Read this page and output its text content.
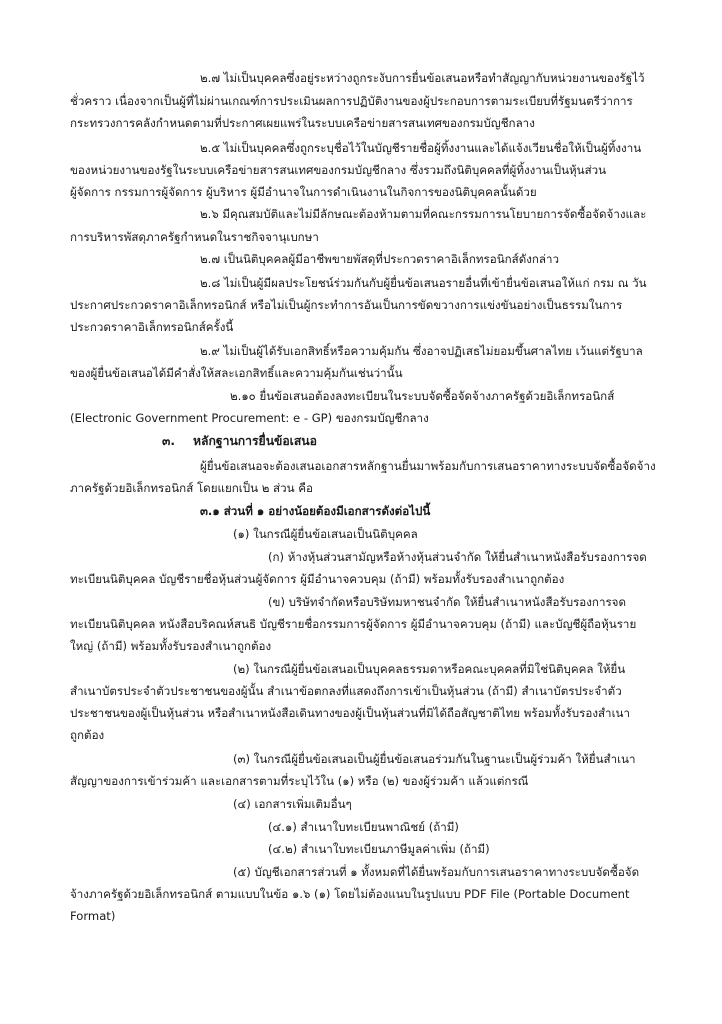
๒.๗ ไม่เป็นบุคคลซึ่งอยู่ระหว่างถูกระงับการยื่นข้อเสนอหรือทำสัญญากับหน่วยงานของรัฐไว้
ชั่วคราว เนื่องจากเป็นผู้ที่ไม่ผ่านเกณฑ์การประเมินผลการปฏิบัติงานของผู้ประกอบการตามระเบียบที่รัฐมนตรีว่าการ
กระทรวงการคลังกำหนดตามที่ประกาศเผยแพร่ในระบบเครือข่ายสารสนเทศของกรมบัญชีกลาง
๒.๕ ไม่เป็นบุคคลซึ่งถูกระบุชื่อไว้ในบัญชีรายชื่อผู้ทิ้งงานและได้แจ้งเวียนชื่อให้เป็นผู้ทิ้งงาน
ของหน่วยงานของรัฐในระบบเครือข่ายสารสนเทศของกรมบัญชีกลาง ซึ่งรวมถึงนิติบุคคลที่ผู้ทิ้งงานเป็นหุ้นส่วน
ผู้จัดการ กรรมการผู้จัดการ ผู้บริหาร ผู้มีอำนาจในการดำเนินงานในกิจการของนิติบุคคลนั้นด้วย
๒.๖ มีคุณสมบัติและไม่มีลักษณะต้องห้ามตามที่คณะกรรมการนโยบายการจัดซื้อจัดจ้างและ
การบริหารพัสดุภาครัฐกำหนดในราชกิจจานุเบกษา
๒.๗ เป็นนิติบุคคลผู้มีอาชีพขายพัสดุที่ประกวดราคาอิเล็กทรอนิกส์ดังกล่าว
๒.๘ ไม่เป็นผู้มีผลประโยชน์ร่วมกันกับผู้ยื่นข้อเสนอรายอื่นที่เข้ายื่นข้อเสนอให้แก่ กรม ณ วัน
ประกาศประกวดราคาอิเล็กทรอนิกส์ หรือไม่เป็นผู้กระทำการอันเป็นการขัดขวางการแข่งขันอย่างเป็นธรรมในการ
ประกวดราคาอิเล็กทรอนิกส์ครั้งนี้
๒.๙ ไม่เป็นผู้ได้รับเอกสิทธิ์หรือความคุ้มกัน ซึ่งอาจปฏิเสธไม่ยอมขึ้นศาลไทย เว้นแต่รัฐบาล
ของผู้ยื่นข้อเสนอได้มีคำสั่งให้สละเอกสิทธิ์และความคุ้มกันเช่นว่านั้น
๒.๑๐ ยื่นข้อเสนอต้องลงทะเบียนในระบบจัดซื้อจัดจ้างภาครัฐด้วยอิเล็กทรอนิกส์
(Electronic Government Procurement: e - GP) ของกรมบัญชีกลาง
๓. หลักฐานการยื่นข้อเสนอ
ผู้ยื่นข้อเสนอจะต้องเสนอเอกสารหลักฐานยื่นมาพร้อมกับการเสนอราคาทางระบบจัดซื้อจัดจ้าง
ภาครัฐด้วยอิเล็กทรอนิกส์ โดยแยกเป็น ๒ ส่วน คือ
๓.๑ ส่วนที่ ๑ อย่างน้อยต้องมีเอกสารดังต่อไปนี้
(๑) ในกรณีผู้ยื่นข้อเสนอเป็นนิติบุคคล
(ก) ห้างหุ้นส่วนสามัญหรือห้างหุ้นส่วนจำกัด ให้ยื่นสำเนาหนังสือรับรองการจด
ทะเบียนนิติบุคคล บัญชีรายชื่อหุ้นส่วนผู้จัดการ ผู้มีอำนาจควบคุม (ถ้ามี) พร้อมทั้งรับรองสำเนาถูกต้อง
(ข) บริษัทจำกัดหรือบริษัทมหาชนจำกัด ให้ยื่นสำเนาหนังสือรับรองการจด
ทะเบียนนิติบุคคล หนังสือบริคณห์สนธิ บัญชีรายชื่อกรรมการผู้จัดการ ผู้มีอำนาจควบคุม (ถ้ามี) และบัญชีผู้ถือหุ้นราย
ใหญ่ (ถ้ามี) พร้อมทั้งรับรองสำเนาถูกต้อง
(๒) ในกรณีผู้ยื่นข้อเสนอเป็นบุคคลธรรมดาหรือคณะบุคคลที่มิใช่นิติบุคคล ให้ยื่น
สำเนาบัตรประจำตัวประชาชนของผู้นั้น สำเนาข้อตกลงที่แสดงถึงการเข้าเป็นหุ้นส่วน (ถ้ามี) สำเนาบัตรประจำตัว
ประชาชนของผู้เป็นหุ้นส่วน หรือสำเนาหนังสือเดินทางของผู้เป็นหุ้นส่วนที่มิได้ถือสัญชาติไทย พร้อมทั้งรับรองสำเนา
ถูกต้อง
(๓) ในกรณีผู้ยื่นข้อเสนอเป็นผู้ยื่นข้อเสนอร่วมกันในฐานะเป็นผู้ร่วมค้า ให้ยื่นสำเนา
สัญญาของการเข้าร่วมค้า และเอกสารตามที่ระบุไว้ใน (๑) หรือ (๒) ของผู้ร่วมค้า แล้วแต่กรณี
(๔) เอกสารเพิ่มเติมอื่นๆ
(๔.๑) สำเนาใบทะเบียนพาณิชย์ (ถ้ามี)
(๔.๒) สำเนาใบทะเบียนภาษีมูลค่าเพิ่ม (ถ้ามี)
(๕) บัญชีเอกสารส่วนที่ ๑ ทั้งหมดที่ได้ยื่นพร้อมกับการเสนอราคาทางระบบจัดซื้อจัด
จ้างภาครัฐด้วยอิเล็กทรอนิกส์ ตามแบบในข้อ ๑.๖ (๑) โดยไม่ต้องแนบในรูปแบบ PDF File (Portable Document
Format)
